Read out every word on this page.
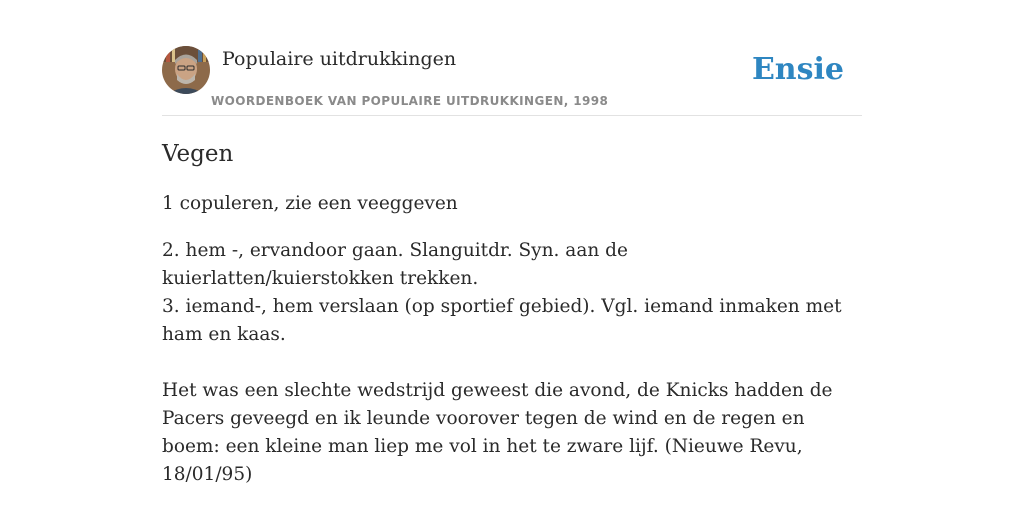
Populaire uitdrukkingen
WOORDENBOEK VAN POPULAIRE UITDRUKKINGEN, 1998
Ensie
Vegen

1 copuleren, zie een veeggeven

2. hem -, ervandoor gaan. Slanguitdr. Syn. aan de kuierlatten/kuierstokken trekken.

3. iemand-, hem verslaan (op sportief gebied). Vgl. iemand inmaken met ham en kaas.

Het was een slechte wedstrijd geweest die avond, de Knicks hadden de Pacers geveegd en ik leunde voorover tegen de wind en de regen en boem: een kleine man liep me vol in het te zware lijf. (Nieuwe Revu, 18/01/95)
